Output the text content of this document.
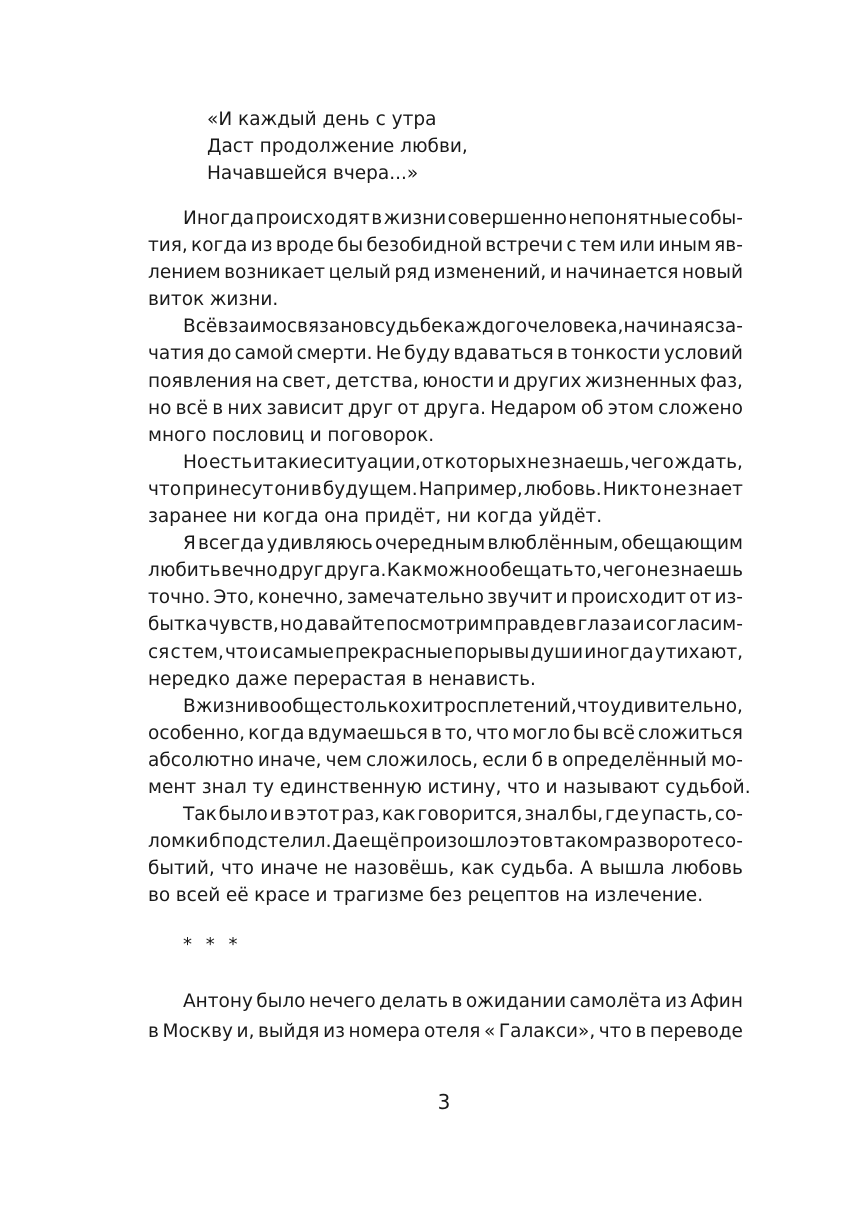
«И каждый день с утра
Даст продолжение любви,
Начавшейся вчера...»
Иногда происходят в жизни совершенно непонятные собы-
тия, когда из вроде бы безобидной встречи с тем или иным яв-
лением возникает целый ряд изменений, и начинается новый
виток жизни.
Всё взаимосвязано в судьбе каждого человека, начиная с за-
чатия до самой смерти. Не буду вдаваться в тонкости условий
появления на свет, детства, юности и других жизненных фаз,
но всё в них зависит друг от друга. Недаром об этом сложено
много пословиц и поговорок.
Но есть и такие ситуации, от которых не знаешь, чего ждать,
что принесут они в будущем. Например, любовь. Никто не знает
заранее ни когда она придёт, ни когда уйдёт.
Я всегда удивляюсь очередным влюблённым, обещающим
любить вечно друг друга. Как можно обещать то, чего не знаешь
точно. Это, конечно, замечательно звучит и происходит от из-
бытка чувств, но давайте посмотрим правде в глаза и согласим-
ся с тем, что и самые прекрасные порывы души иногда утихают,
нередко даже перерастая в ненависть.
В жизни вообще столько хитросплетений, что удивительно,
особенно, когда вдумаешься в то, что могло бы всё сложиться
абсолютно иначе, чем сложилось, если б в определённый мо-
мент знал ту единственную истину, что и называют судьбой.
Так было и в этот раз, как говорится, знал бы, где упасть, со-
ломки б подстелил. Да ещё произошло это в таком развороте со-
бытий, что иначе не назовёшь, как судьба. А вышла любовь
во всей её красе и трагизме без рецептов на излечение.
* * *
Антону было нечего делать в ожидании самолёта из Афин
в Москву и, выйдя из номера отеля « Галакси», что в переводе
3
